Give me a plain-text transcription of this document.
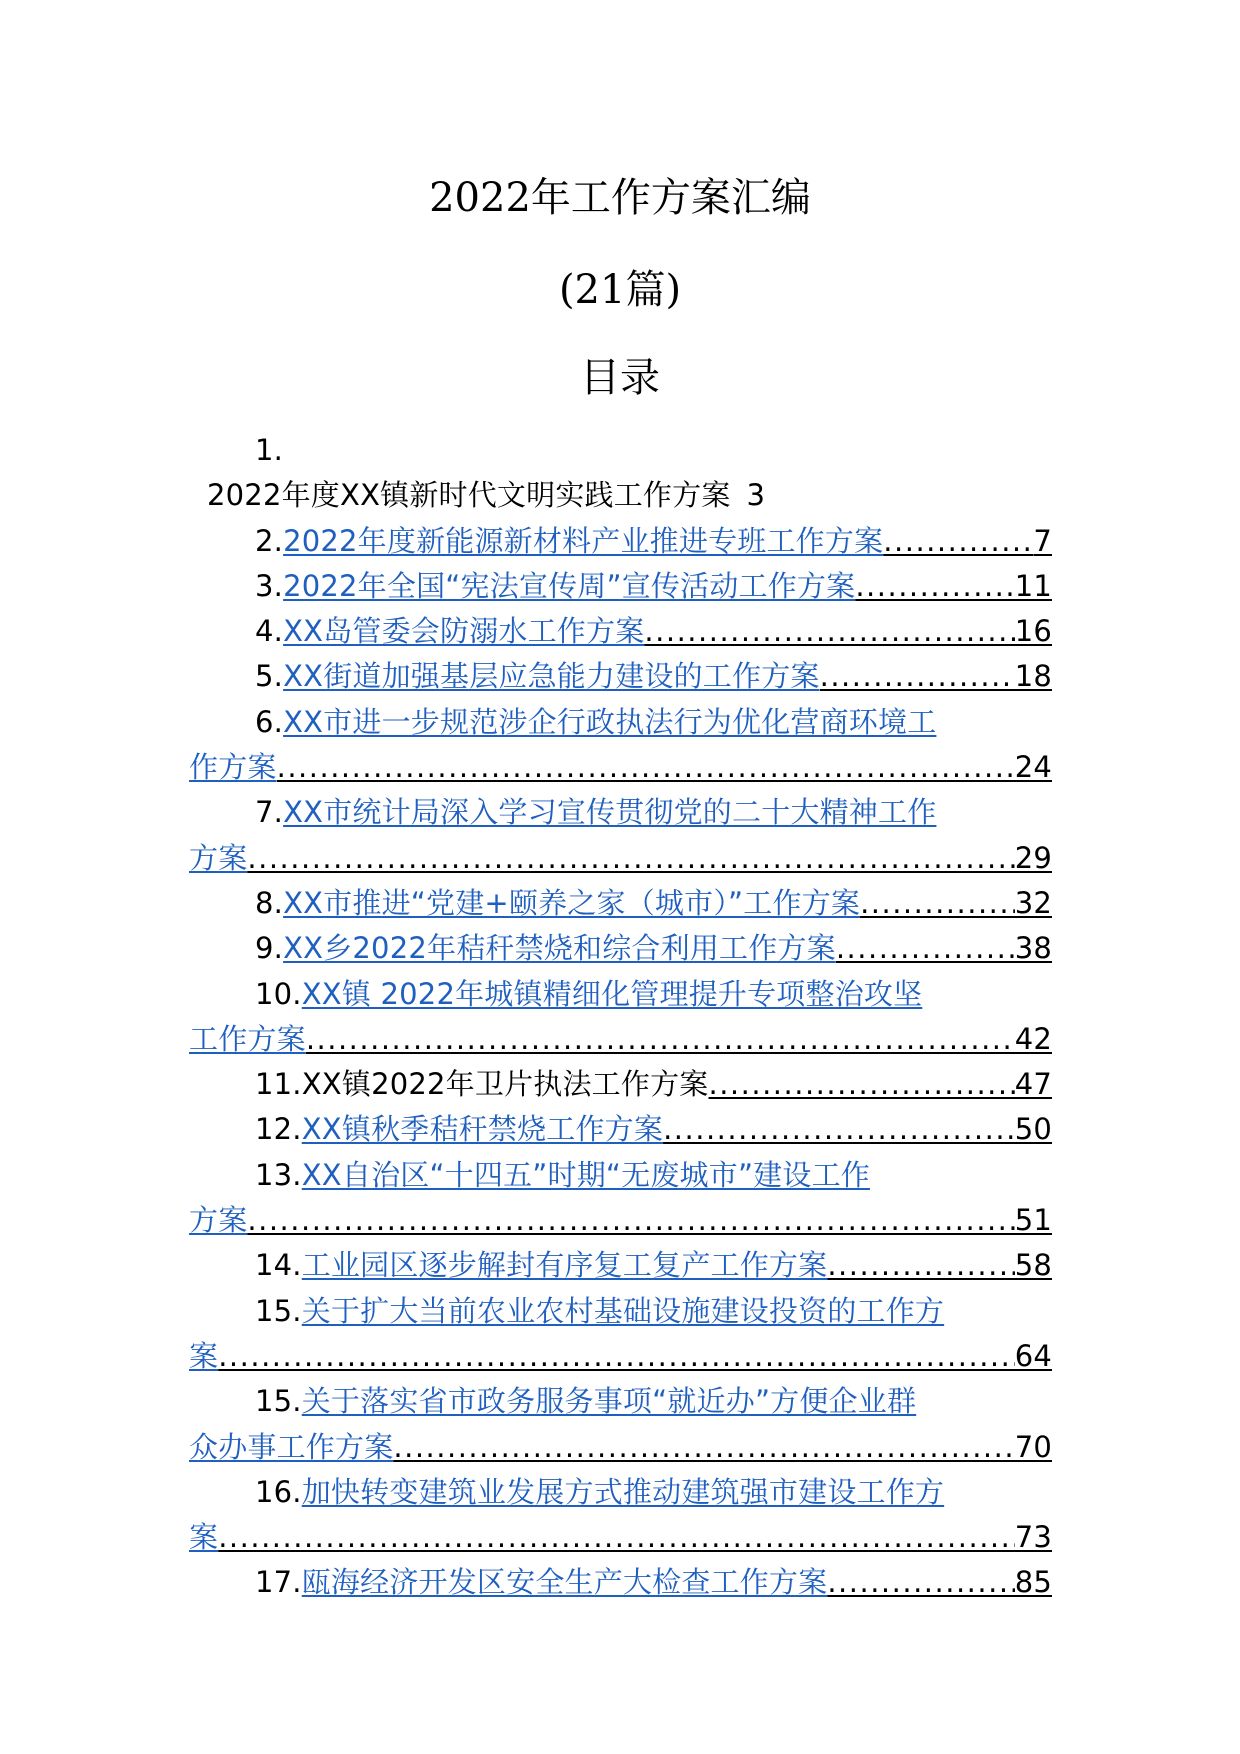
2022年工作方案汇编
(21篇)
目录
1.
2022年度XX镇新时代文明实践工作方案 3
2. 2022年度新能源新材料产业推进专班工作方案 .....	7
3. 2022年全国“宪法宣传周”宣传活动工作方案 .....	11
4. XX岛管委会防溺水工作方案 .....	16
5. XX街道加强基层应急能力建设的工作方案 .....	18
6. XX市进一步规范涉企行政执法行为优化营商环境工
作方案 .....	24
7. XX市统计局深入学习宣传贯彻党的二十大精神工作
方案 .....	29
8. XX市推进“党建+颐养之家（城市）”工作方案 .....	32
9. XX乡2022年秸秆禁烧和综合利用工作方案 .....	38
10. XX镇 2022年城镇精细化管理提升专项整治攻坚
工作方案 .....	42
11. XX镇2022年卫片执法工作方案 .....	47
12. XX镇秋季秸秆禁烧工作方案 .....	50
13. XX自治区“十四五”时期“无废城市”建设工作
方案 .....	51
14. 工业园区逐步解封有序复工复产工作方案 .....	58
15. 关于扩大当前农业农村基础设施建设投资的工作方
案 .....	64
15. 关于落实省市政务服务事项“就近办”方便企业群
众办事工作方案 .....	70
16. 加快转变建筑业发展方式推动建筑强市建设工作方
案 .....	73
17. 瓯海经济开发区安全生产大检查工作方案 .....	85
